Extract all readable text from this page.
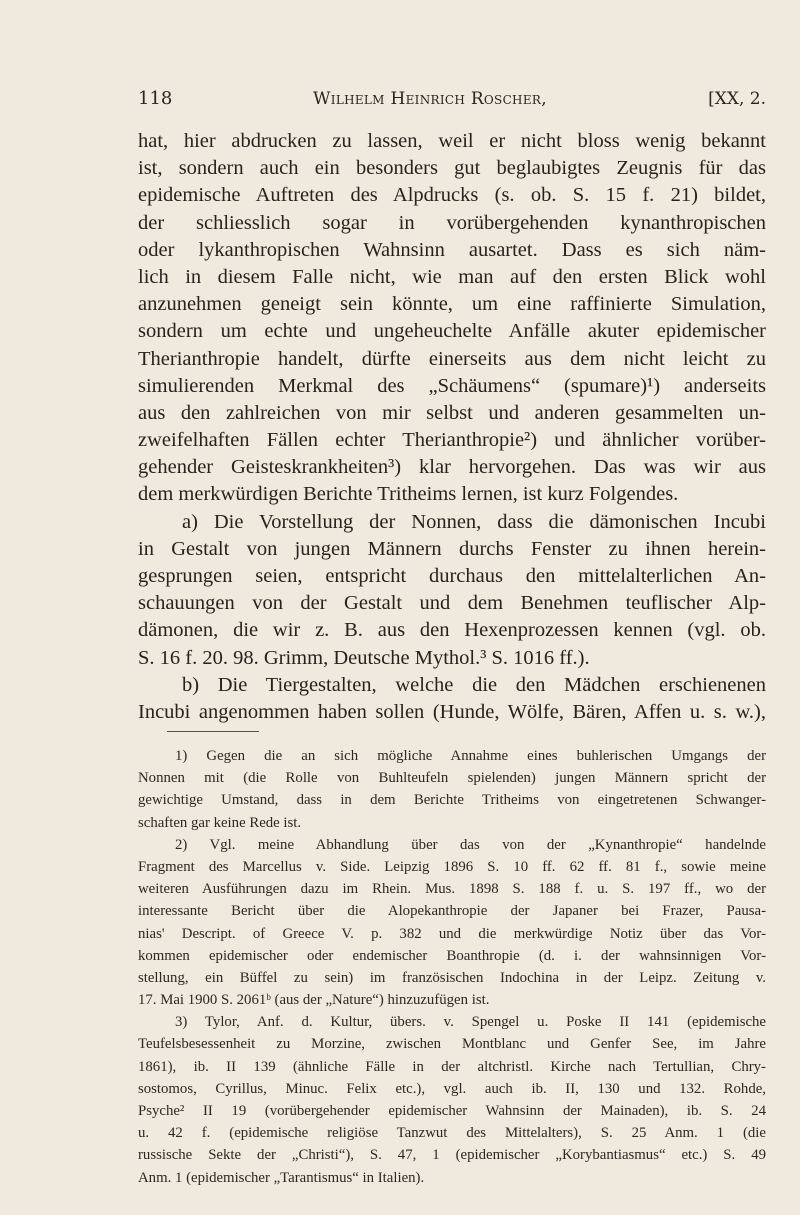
118	Wilhelm Heinrich Roscher,	[XX, 2.
hat, hier abdrucken zu lassen, weil er nicht bloss wenig bekannt
ist, sondern auch ein besonders gut beglaubigtes Zeugnis für das
epidemische Auftreten des Alpdrucks (s. ob. S. 15 f. 21) bildet,
der schliesslich sogar in vorübergehenden kynanthropischen
oder lykanthropischen Wahnsinn ausartet. Dass es sich näm-
lich in diesem Falle nicht, wie man auf den ersten Blick wohl
anzunehmen geneigt sein könnte, um eine raffinierte Simulation,
sondern um echte und ungeheuchelte Anfälle akuter epidemischer
Therianthropie handelt, dürfte einerseits aus dem nicht leicht zu
simulierenden Merkmal des „Schäumens“ (spumare)¹) anderseits
aus den zahlreichen von mir selbst und anderen gesammelten un-
zweifelhaften Fällen echter Therianthropie²) und ähnlicher vorüber-
gehender Geisteskrankheiten³) klar hervorgehen. Das was wir aus
dem merkwürdigen Berichte Tritheims lernen, ist kurz Folgendes.
a) Die Vorstellung der Nonnen, dass die dämonischen Incubi
in Gestalt von jungen Männern durchs Fenster zu ihnen herein-
gesprungen seien, entspricht durchaus den mittelalterlichen An-
schauungen von der Gestalt und dem Benehmen teuflischer Alp-
dämonen, die wir z. B. aus den Hexenprozessen kennen (vgl. ob.
S. 16 f. 20. 98. Grimm, Deutsche Mythol.³ S. 1016 ff.).
b) Die Tiergestalten, welche die den Mädchen erschienenen
Incubi angenommen haben sollen (Hunde, Wölfe, Bären, Affen u. s. w.),
1) Gegen die an sich mögliche Annahme eines buhlerischen Umgangs der
Nonnen mit (die Rolle von Buhlteufeln spielenden) jungen Männern spricht der
gewichtige Umstand, dass in dem Berichte Tritheims von eingetretenen Schwanger-
schaften gar keine Rede ist.
2) Vgl. meine Abhandlung über das von der „Kynanthropie“ handelnde
Fragment des Marcellus v. Side. Leipzig 1896 S. 10 ff. 62 ff. 81 f., sowie meine
weiteren Ausführungen dazu im Rhein. Mus. 1898 S. 188 f. u. S. 197 ff., wo der
interessante Bericht über die Alopekanthropie der Japaner bei Frazer, Pausa-
nias' Descript. of Greece V. p. 382 und die merkwürdige Notiz über das Vor-
kommen epidemischer oder endemischer Boanthropie (d. i. der wahnsinnigen Vor-
stellung, ein Büffel zu sein) im französischen Indochina in der Leipz. Zeitung v.
17. Mai 1900 S. 2061ᵇ (aus der „Nature“) hinzuzufügen ist.
3) Tylor, Anf. d. Kultur, übers. v. Spengel u. Poske II 141 (epidemische
Teufelsbesessenheit zu Morzine, zwischen Montblanc und Genfer See, im Jahre
1861), ib. II 139 (ähnliche Fälle in der altchristl. Kirche nach Tertullian, Chry-
sostomos, Cyrillus, Minuc. Felix etc.), vgl. auch ib. II, 130 und 132. Rohde,
Psyche² II 19 (vorübergehender epidemischer Wahnsinn der Mainaden), ib. S. 24
u. 42 f. (epidemische religiöse Tanzwut des Mittelalters), S. 25 Anm. 1 (die
russische Sekte der „Christi“), S. 47, 1 (epidemischer „Korybantiasmus“ etc.) S. 49
Anm. 1 (epidemischer „Tarantismus“ in Italien).
